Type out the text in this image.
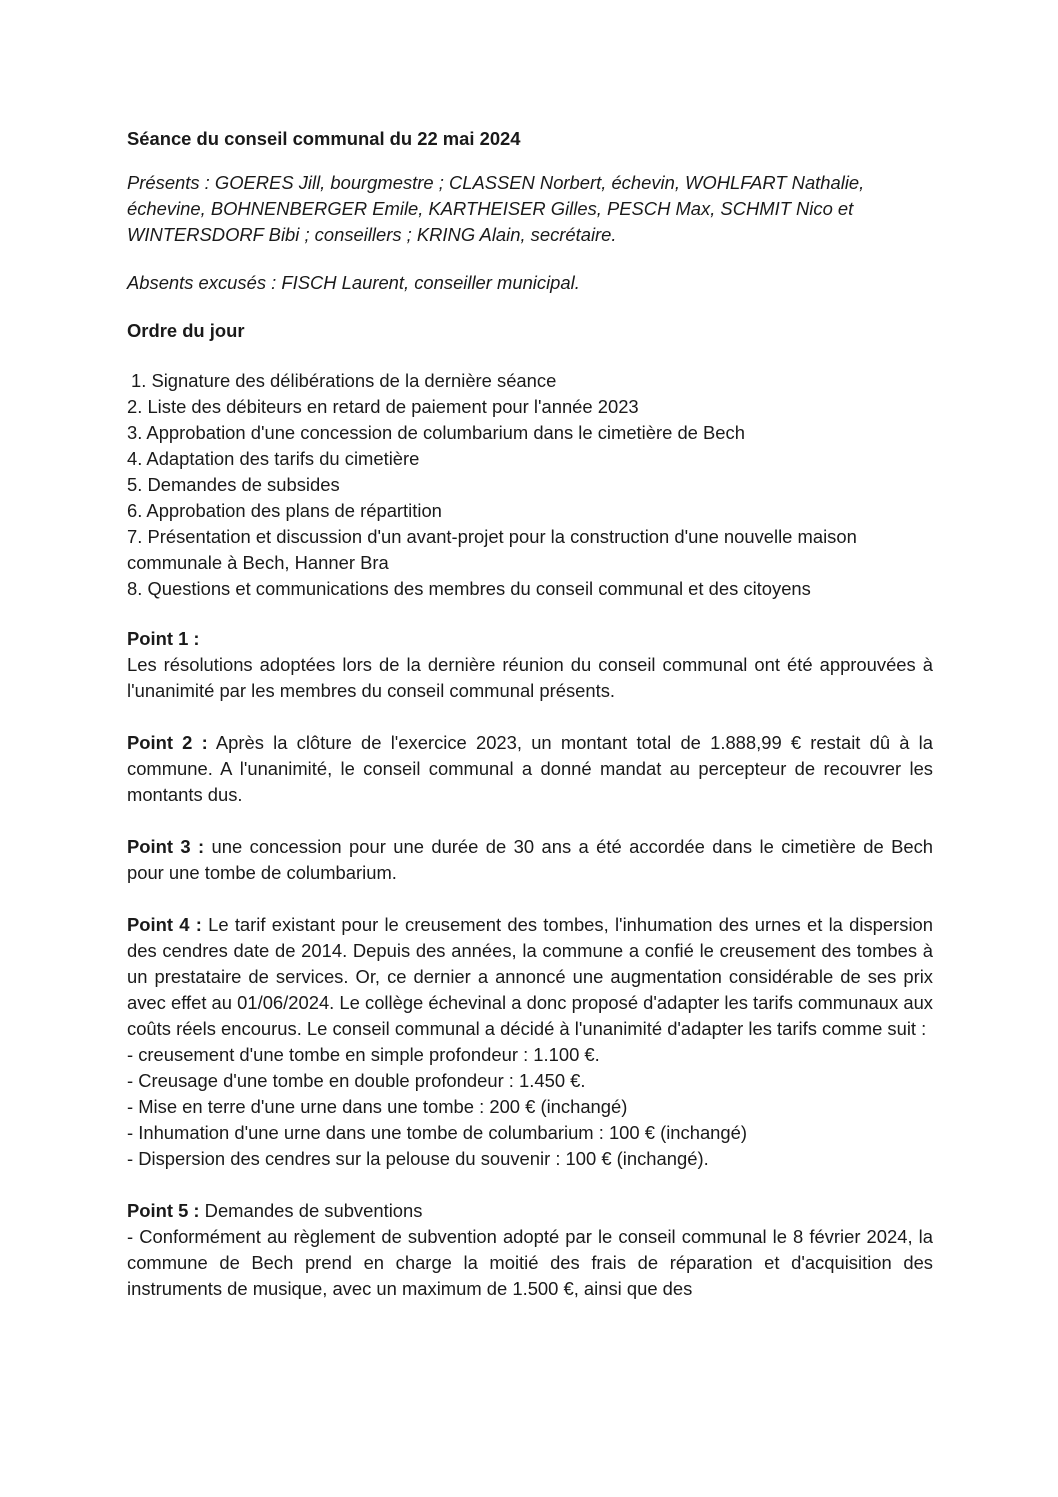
Séance du conseil communal du 22 mai 2024
Présents : GOERES Jill, bourgmestre ; CLASSEN Norbert, échevin, WOHLFART Nathalie, échevine, BOHNENBERGER Emile, KARTHEISER Gilles, PESCH Max, SCHMIT Nico et WINTERSDORF Bibi ; conseillers ; KRING Alain, secrétaire.
Absents excusés : FISCH Laurent, conseiller municipal.
Ordre du jour
1. Signature des délibérations de la dernière séance
2. Liste des débiteurs en retard de paiement pour l'année 2023
3. Approbation d'une concession de columbarium dans le cimetière de Bech
4. Adaptation des tarifs du cimetière
5. Demandes de subsides
6. Approbation des plans de répartition
7. Présentation et discussion d'un avant-projet pour la construction d'une nouvelle maison communale à Bech, Hanner Bra
8. Questions et communications des membres du conseil communal et des citoyens
Point 1 :
Les résolutions adoptées lors de la dernière réunion du conseil communal ont été approuvées à l'unanimité par les membres du conseil communal présents.
Point 2 : Après la clôture de l'exercice 2023, un montant total de 1.888,99 € restait dû à la commune. A l'unanimité, le conseil communal a donné mandat au percepteur de recouvrer les montants dus.
Point 3 : une concession pour une durée de 30 ans a été accordée dans le cimetière de Bech pour une tombe de columbarium.
Point 4 : Le tarif existant pour le creusement des tombes, l'inhumation des urnes et la dispersion des cendres date de 2014. Depuis des années, la commune a confié le creusement des tombes à un prestataire de services. Or, ce dernier a annoncé une augmentation considérable de ses prix avec effet au 01/06/2024. Le collège échevinal a donc proposé d'adapter les tarifs communaux aux coûts réels encourus. Le conseil communal a décidé à l'unanimité d'adapter les tarifs comme suit :
- creusement d'une tombe en simple profondeur : 1.100 €.
- Creusage d'une tombe en double profondeur : 1.450 €.
- Mise en terre d'une urne dans une tombe : 200 € (inchangé)
- Inhumation d'une urne dans une tombe de columbarium : 100 € (inchangé)
- Dispersion des cendres sur la pelouse du souvenir : 100 € (inchangé).
Point 5 : Demandes de subventions
- Conformément au règlement de subvention adopté par le conseil communal le 8 février 2024, la commune de Bech prend en charge la moitié des frais de réparation et d'acquisition des instruments de musique, avec un maximum de 1.500 €, ainsi que des
